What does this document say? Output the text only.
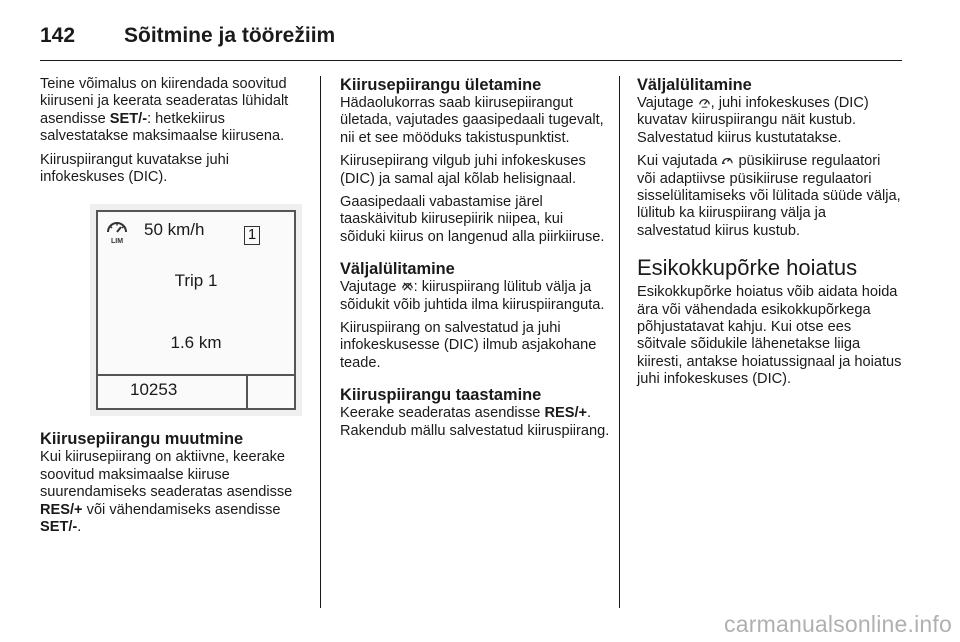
142 Sõitmine ja töörežiim

Teine võimalus on kiirendada soovitud kiiruseni ja keerata seaderatas lühidalt asendisse SET/-: hetkekiirus salvestatakse maksimaalse kiirusena.

Kiiruspiirangut kuvatakse juhi infokeskuses (DIC).

LIM
50 km/h	1
Trip 1
1.6 km
10253
Kiirusepiirangu muutmine

Kui kiirusepiirang on aktiivne, keerake soovitud maksimaalse kiiruse suurendamiseks seaderatas asendisse RES/+ või vähendamiseks asendisse SET/-.

Kiirusepiirangu ületamine

Hädaolukorras saab kiirusepiirangut ületada, vajutades gaasipedaali tugevalt, nii et see mööduks takistuspunktist.

Kiirusepiirang vilgub juhi infokeskuses (DIC) ja samal ajal kõlab helisignaal.

Gaasipedaali vabastamise järel taaskäivitub kiirusepiirik niipea, kui sõiduki kiirus on langenud alla piirkiiruse.

Väljalülitamine

Vajutage : kiiruspiirang lülitub välja ja sõidukit võib juhtida ilma kiiruspiiranguta.

Kiiruspiirang on salvestatud ja juhi infokeskusesse (DIC) ilmub asjakohane teade.

Kiiruspiirangu taastamine

Keerake seaderatas asendisse RES/+. Rakendub mällu salvestatud kiiruspiirang.

Väljalülitamine

Vajutage , juhi infokeskuses (DIC) kuvatav kiiruspiirangu näit kustub. Salvestatud kiirus kustutatakse.

Kui vajutada  püsikiiruse regulaatori või adaptiivse püsikiiruse regulaatori sisselülitamiseks või lülitada süüde välja, lülitub ka kiiruspiirang välja ja salvestatud kiirus kustub.

Esikokkupõrke hoiatus

Esikokkupõrke hoiatus võib aidata hoida ära või vähendada esikokkupõrkega põhjustatavat kahju. Kui otse ees sõitvale sõidukile lähenetakse liiga kiiresti, antakse hoiatussignaal ja hoiatus juhi infokeskuses (DIC).

carmanualsonline.info
